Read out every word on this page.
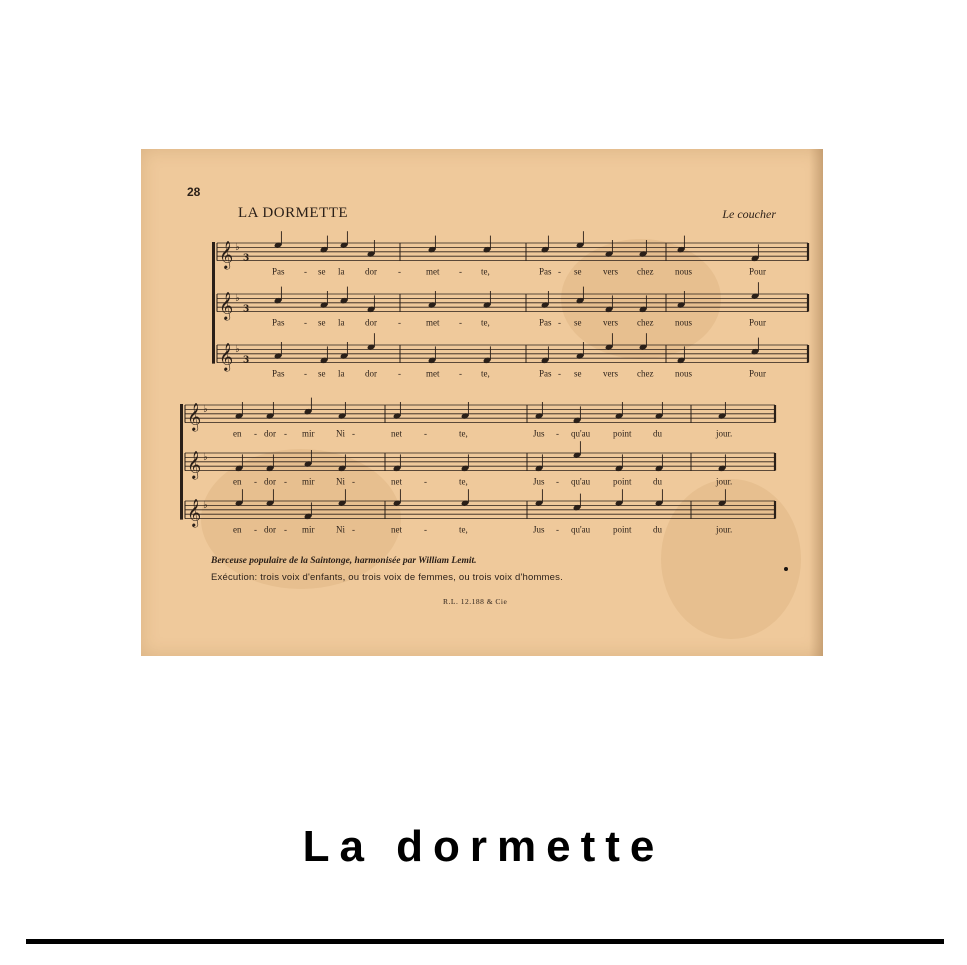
28
LA DORMETTE	Le coucher
𝄞 ♭
3
Pas - se la dor -	met - te,	Pas - se vers chez nous	Pour
𝄞 ♭
3
Pas - se la dor -	met - te,	Pas - se vers chez nous	Pour
𝄞 ♭
3
Pas - se la dor -	met - te,	Pas - se vers chez nous	Pour
𝄞 ♭
en - dor - mir Ni -	net -	te,	Jus - qu'au	point du	jour.
𝄞 ♭
en - dor - mir Ni -	net -	te,	Jus - qu'au	point du	jour.
𝄞 ♭
en - dor - mir Ni -	net -	te,	Jus - qu'au	point du	jour.
Berceuse populaire de la Saintonge, harmonisée par William Lemit.
Exécution: trois voix d'enfants, ou trois voix de femmes, ou trois voix d'hommes.
R.L. 12.188 & Cie
La dormette
